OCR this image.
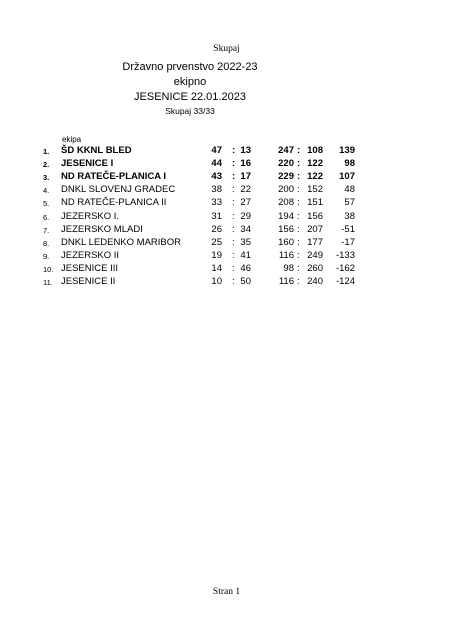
Skupaj
Državno prvenstvo 2022-23
ekipno
JESENICE 22.01.2023
Skupaj 33/33
ekipa
1. ŠD KKNL BLED	47 : 13	247 : 108	139
2. JESENICE I	44 : 16	220 : 122	98
3. ND RATEČE-PLANICA I	43 : 17	229 : 122	107
4. DNKL SLOVENJ GRADEC	38 : 22	200 : 152	48
5. ND RATEČE-PLANICA II	33 : 27	208 : 151	57
6. JEZERSKO I.	31 : 29	194 : 156	38
7. JEZERSKO MLADI	26 : 34	156 : 207	-51
8. DNKL LEDENKO MARIBOR	25 : 35	160 : 177	-17
9. JEZERSKO II	19 : 41	116 : 249	-133
10. JESENICE III	14 : 46	98 : 260	-162
11. JESENICE II	10 : 50	116 : 240	-124
Stran 1
